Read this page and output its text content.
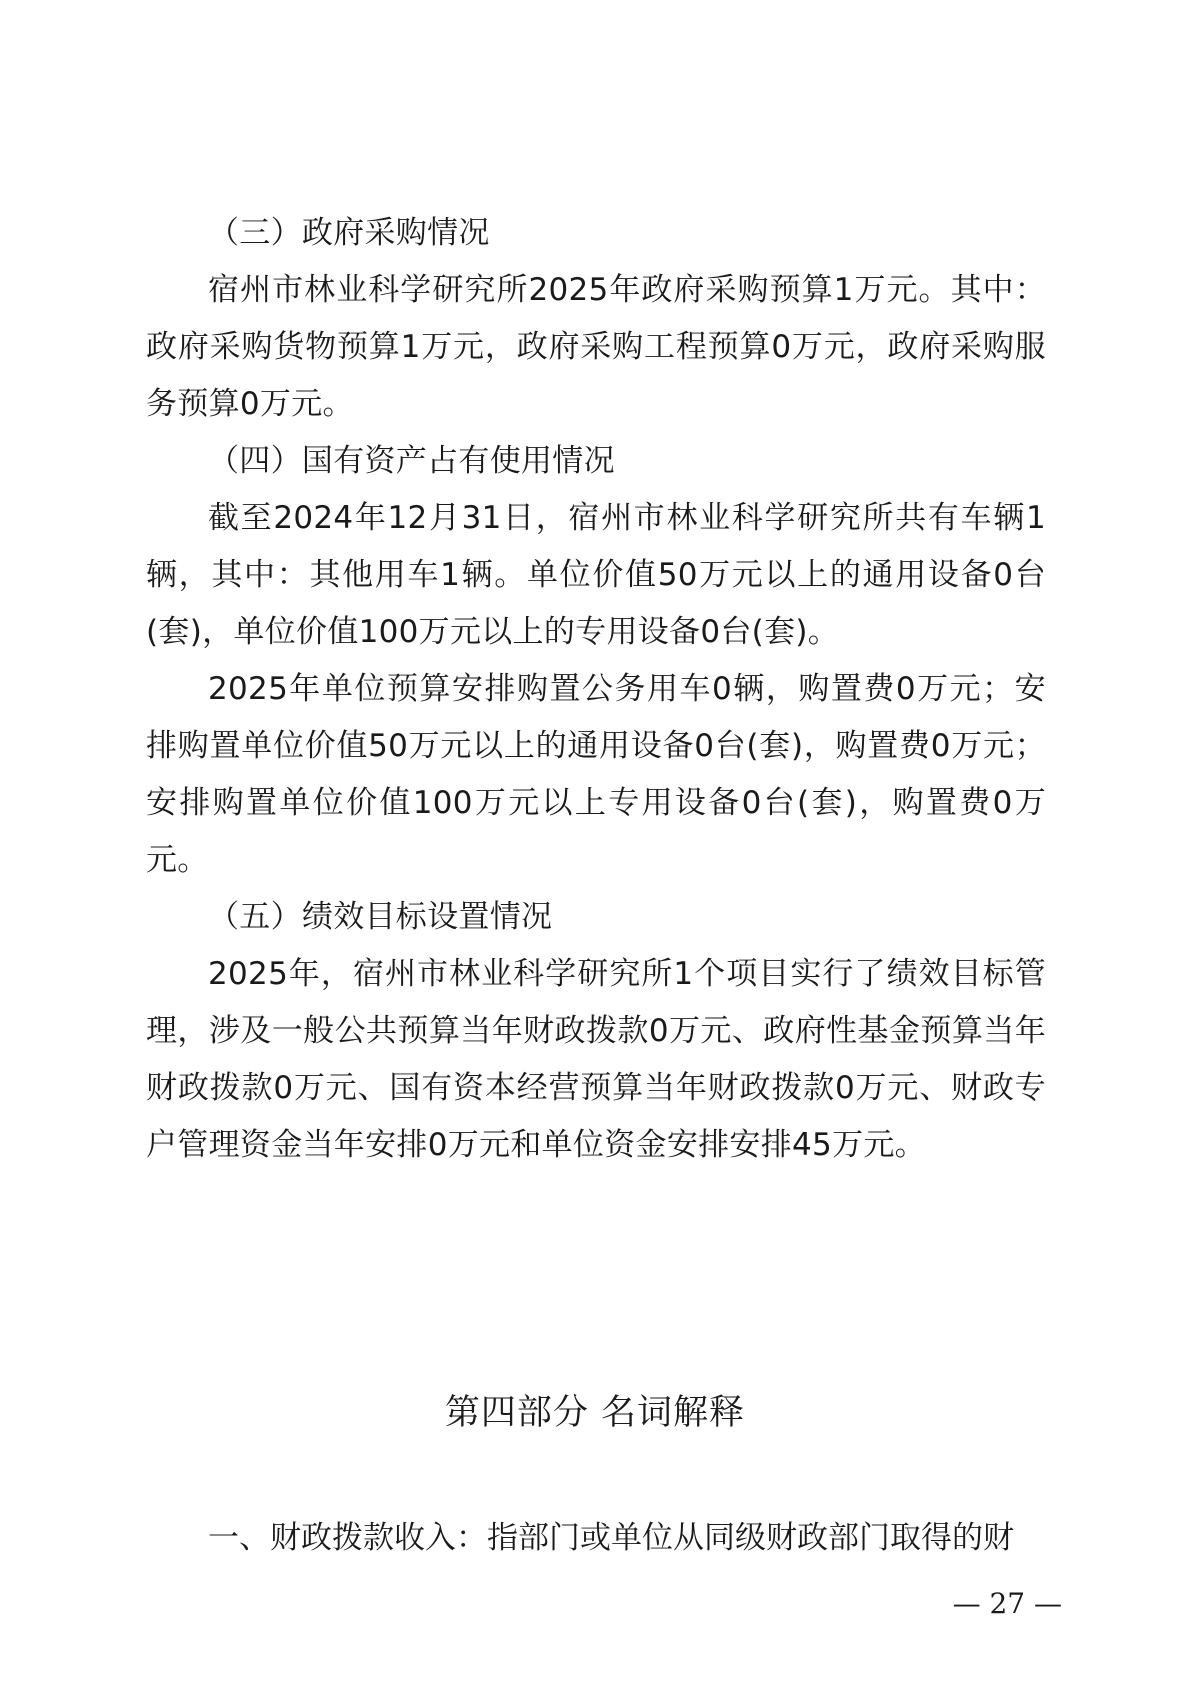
（三）政府采购情况

宿州市林业科学研究所2025年政府采购预算1万元。其中：政府采购货物预算1万元，政府采购工程预算0万元，政府采购服务预算0万元。

（四）国有资产占有使用情况

截至2024年12月31日，宿州市林业科学研究所共有车辆1辆，其中：其他用车1辆。单位价值50万元以上的通用设备0台(套)，单位价值100万元以上的专用设备0台(套)。

2025年单位预算安排购置公务用车0辆，购置费0万元；安排购置单位价值50万元以上的通用设备0台(套)，购置费0万元；安排购置单位价值100万元以上专用设备0台(套)，购置费0万元。

（五）绩效目标设置情况

2025年，宿州市林业科学研究所1个项目实行了绩效目标管理，涉及一般公共预算当年财政拨款0万元、政府性基金预算当年财政拨款0万元、国有资本经营预算当年财政拨款0万元、财政专户管理资金当年安排0万元和单位资金安排安排45万元。

第四部分 名词解释

一、财政拨款收入：指部门或单位从同级财政部门取得的财

— 27 —
